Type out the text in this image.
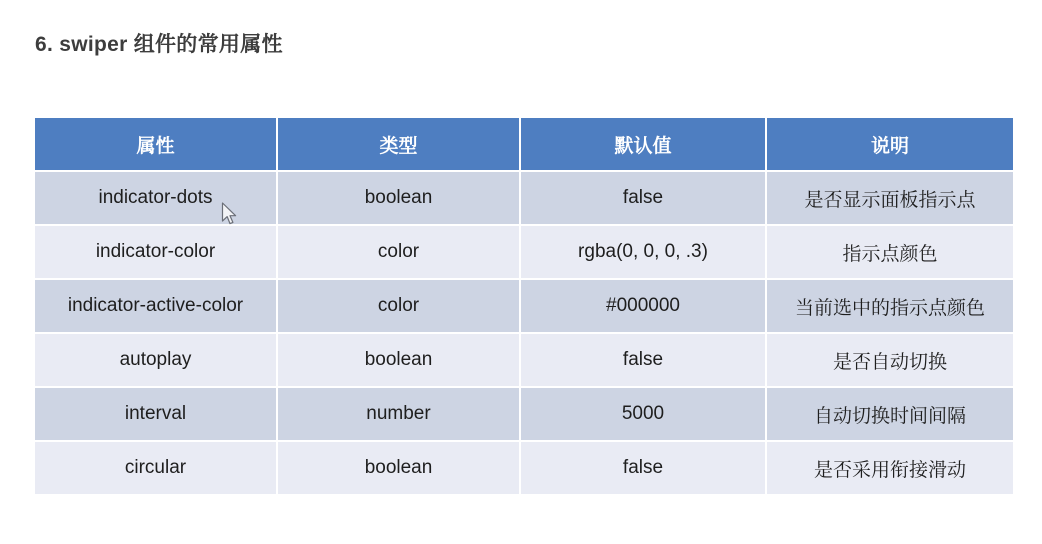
6. swiper 组件的常用属性
属性	类型	默认值	说明
indicator-dots	boolean	false	是否显示面板指示点
indicator-color	color	rgba(0, 0, 0, .3)	指示点颜色
indicator-active-color	color	#000000	当前选中的指示点颜色
autoplay	boolean	false	是否自动切换
interval	number	5000	自动切换时间间隔
circular	boolean	false	是否采用衔接滑动
